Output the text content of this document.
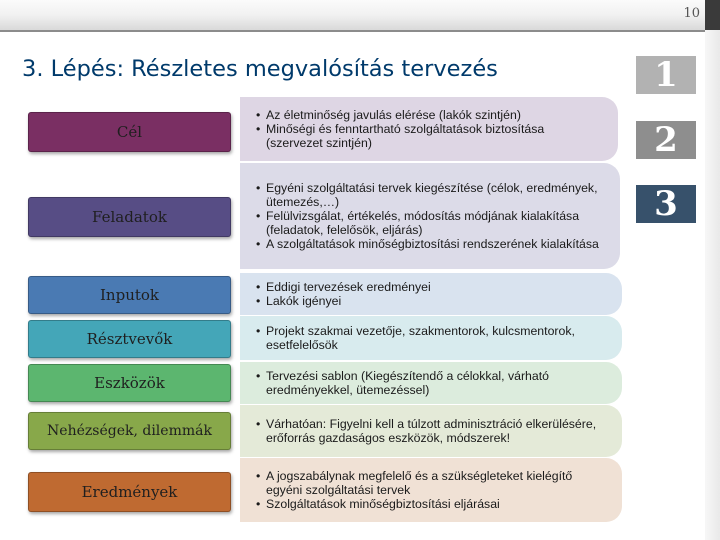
10
3. Lépés: Részletes megvalósítás tervezés	1
2
3
Cél
• Az életminőség javulás elérése (lakók szintjén)
• Minőségi és fenntartható szolgáltatások biztosítása (szervezet szintjén)
Feladatok
• Egyéni szolgáltatási tervek kiegészítése (célok, eredmények, ütemezés,…)
• Felülvizsgálat, értékelés, módosítás módjának kialakítása (feladatok, felelősök, eljárás)
• A szolgáltatások minőségbiztosítási rendszerének kialakítása
Inputok	• Eddigi tervezések eredményei
• Lakók igényei
Résztvevők	• Projekt szakmai vezetője, szakmentorok, kulcsmentorok, esetfelelősök
Eszközök	• Tervezési sablon (Kiegészítendő a célokkal, várható eredményekkel, ütemezéssel)
Nehézségek, dilemmák	• Várhatóan: Figyelni kell a túlzott adminisztráció elkerülésére, erőforrás gazdaságos eszközök, módszerek!
Eredmények
• A jogszabálynak megfelelő és a szükségleteket kielégítő egyéni szolgáltatási tervek
• Szolgáltatások minőségbiztosítási eljárásai
